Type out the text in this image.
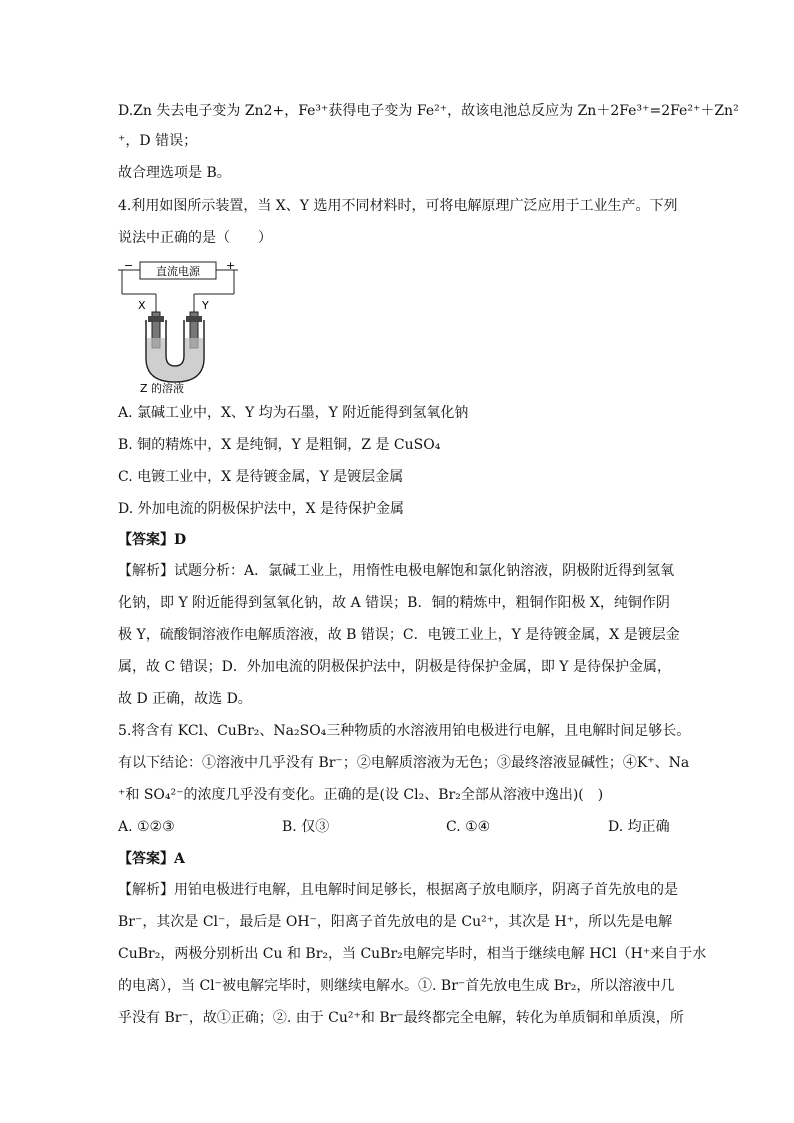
D.Zn 失去电子变为 Zn2+，Fe³⁺获得电子变为 Fe²⁺，故该电池总反应为 Zn＋2Fe³⁺=2Fe²⁺＋Zn²
⁺，D 错误；
故合理选项是 B。
4.利用如图所示装置，当 X、Y 选用不同材料时，可将电解原理广泛应用于工业生产。下列
说法中正确的是（　　）
直流电源
−	+
X	Y
Z 的溶液
A. 氯碱工业中，X、Y 均为石墨，Y 附近能得到氢氧化钠
B. 铜的精炼中，X 是纯铜，Y 是粗铜，Z 是 CuSO₄
C. 电镀工业中，X 是待镀金属，Y 是镀层金属
D. 外加电流的阴极保护法中，X 是待保护金属
【答案】D
【解析】试题分析：A．氯碱工业上，用惰性电极电解饱和氯化钠溶液，阴极附近得到氢氧
化钠，即 Y 附近能得到氢氧化钠，故 A 错误；B．铜的精炼中，粗铜作阳极 X，纯铜作阴
极 Y，硫酸铜溶液作电解质溶液，故 B 错误；C．电镀工业上，Y 是待镀金属，X 是镀层金
属，故 C 错误；D．外加电流的阴极保护法中，阴极是待保护金属，即 Y 是待保护金属，
故 D 正确，故选 D。
5.将含有 KCl、CuBr₂、Na₂SO₄三种物质的水溶液用铂电极进行电解，且电解时间足够长。
有以下结论：①溶液中几乎没有 Br⁻；②电解质溶液为无色；③最终溶液显碱性；④K⁺、Na
⁺和 SO₄²⁻的浓度几乎没有变化。正确的是(设 Cl₂、Br₂全部从溶液中逸出)(　)
A. ①②③	B. 仅③	C. ①④	D. 均正确
【答案】A
【解析】用铂电极进行电解，且电解时间足够长，根据离子放电顺序，阴离子首先放电的是
Br⁻，其次是 Cl⁻，最后是 OH⁻，阳离子首先放电的是 Cu²⁺，其次是 H⁺，所以先是电解
CuBr₂，两极分别析出 Cu 和 Br₂，当 CuBr₂电解完毕时，相当于继续电解 HCl（H⁺来自于水
的电离），当 Cl⁻被电解完毕时，则继续电解水。①. Br⁻首先放电生成 Br₂，所以溶液中几
乎没有 Br⁻，故①正确；②. 由于 Cu²⁺和 Br⁻最终都完全电解，转化为单质铜和单质溴，所
